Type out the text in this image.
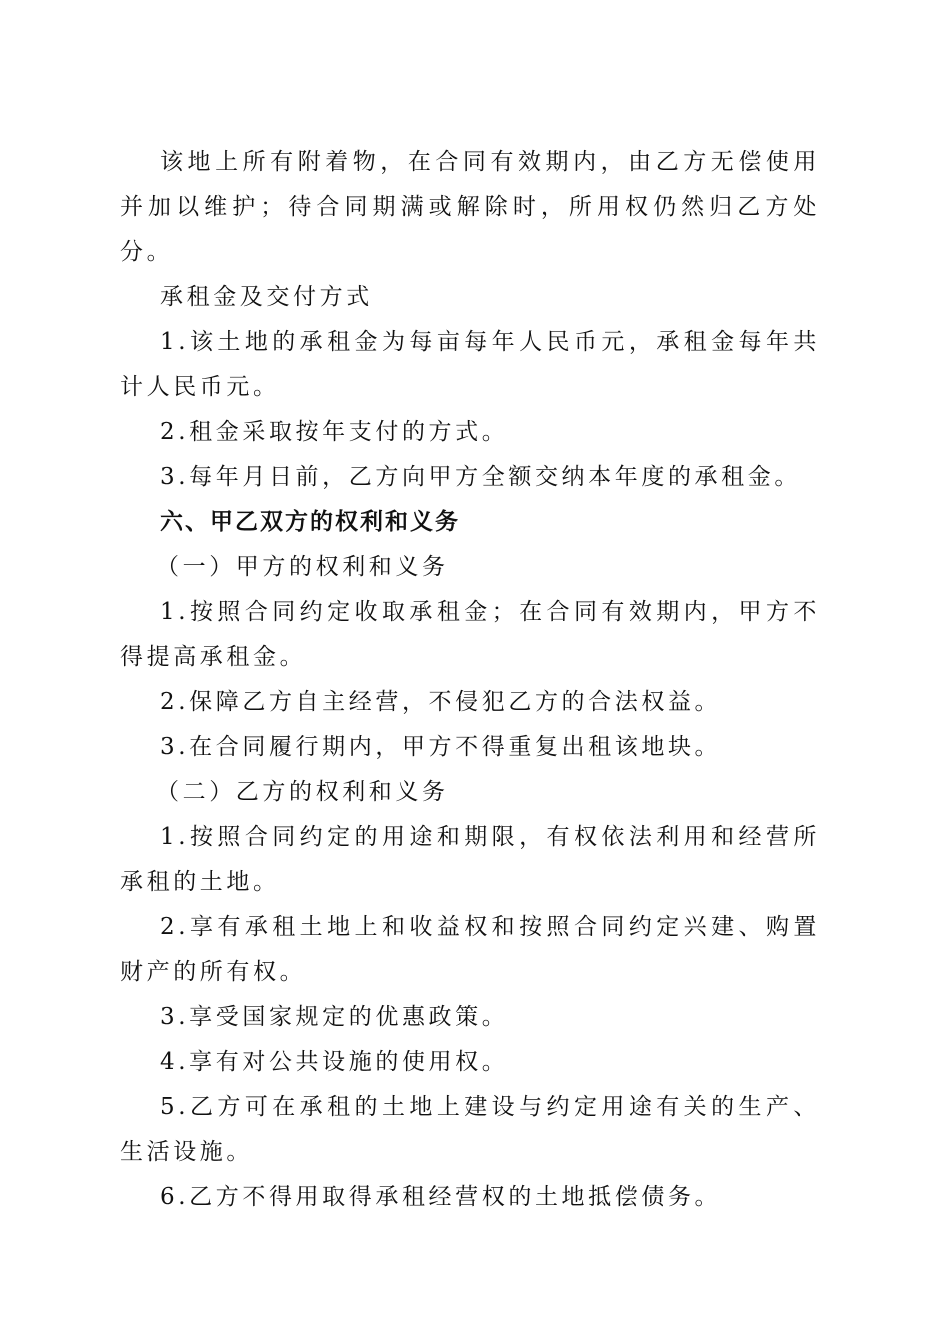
该地上所有附着物，在合同有效期内，由乙方无偿使用并加以维护；待合同期满或解除时，所用权仍然归乙方处分。

承租金及交付方式

1.该土地的承租金为每亩每年人民币元，承租金每年共计人民币元。

2.租金采取按年支付的方式。

3.每年月日前，乙方向甲方全额交纳本年度的承租金。

六、甲乙双方的权利和义务

（一）甲方的权利和义务

1.按照合同约定收取承租金；在合同有效期内，甲方不得提高承租金。

2.保障乙方自主经营，不侵犯乙方的合法权益。

3.在合同履行期内，甲方不得重复出租该地块。

（二）乙方的权利和义务

1.按照合同约定的用途和期限，有权依法利用和经营所承租的土地。

2.享有承租土地上和收益权和按照合同约定兴建、购置财产的所有权。

3.享受国家规定的优惠政策。

4.享有对公共设施的使用权。

5.乙方可在承租的土地上建设与约定用途有关的生产、生活设施。

6.乙方不得用取得承租经营权的土地抵偿债务。
